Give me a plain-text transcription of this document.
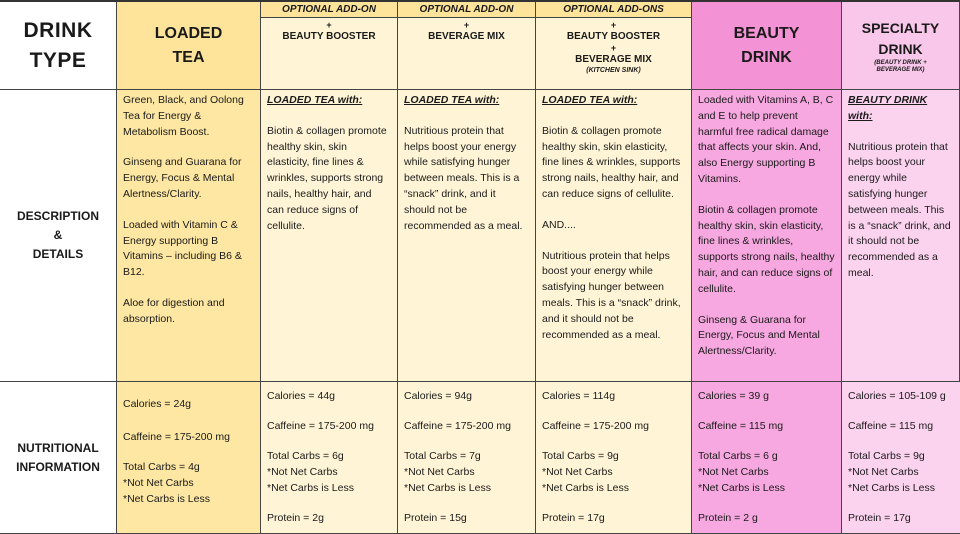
DRINK
TYPE
LOADED
TEA
OPTIONAL ADD-ON
+
BEAUTY BOOSTER
OPTIONAL ADD-ON
+
BEVERAGE MIX
OPTIONAL ADD-ONS
+
BEAUTY BOOSTER
+
BEVERAGE MIX
(KITCHEN SINK)
BEAUTY
DRINK
SPECIALTY
DRINK
(BEAUTY DRINK +
BEVERAGE MIX)
DESCRIPTION
&
DETAILS

Green, Black, and Oolong Tea for Energy & Metabolism Boost.

Ginseng and Guarana for Energy, Focus & Mental Alertness/Clarity.

Loaded with Vitamin C & Energy supporting B Vitamins – including B6 & B12.

Aloe for digestion and absorption.

LOADED TEA with:

Biotin & collagen promote healthy skin, skin elasticity, fine lines & wrinkles, supports strong nails, healthy hair, and can reduce signs of cellulite.

LOADED TEA with:

Nutritious protein that helps boost your energy while satisfying hunger between meals. This is a “snack” drink, and it should not be recommended as a meal.

LOADED TEA with:

Biotin & collagen promote healthy skin, skin elasticity, fine lines & wrinkles, supports strong nails, healthy hair, and can reduce signs of cellulite.

AND....

Nutritious protein that helps boost your energy while satisfying hunger between meals. This is a “snack” drink, and it should not be recommended as a meal.

Loaded with Vitamins A, B, C and E to help prevent harmful free radical damage that affects your skin. And, also Energy supporting B Vitamins.

Biotin & collagen promote healthy skin, skin elasticity, fine lines & wrinkles, supports strong nails, healthy hair, and can reduce signs of cellulite.

Ginseng & Guarana for Energy, Focus and Mental Alertness/Clarity.

BEAUTY DRINK with:

Nutritious protein that helps boost your energy while satisfying hunger between meals. This is a “snack” drink, and it should not be recommended as a meal.

NUTRITIONAL
INFORMATION

Calories = 24g

Caffeine = 175-200 mg

Total Carbs = 4g

*Not Net Carbs

*Net Carbs is Less

Calories = 44g

Caffeine = 175-200 mg

Total Carbs = 6g

*Not Net Carbs

*Net Carbs is Less

Protein = 2g

Calories = 94g

Caffeine = 175-200 mg

Total Carbs = 7g

*Not Net Carbs

*Net Carbs is Less

Protein = 15g

Calories = 114g

Caffeine = 175-200 mg

Total Carbs = 9g

*Not Net Carbs

*Net Carbs is Less

Protein = 17g

Calories = 39 g

Caffeine = 115 mg

Total Carbs = 6 g

*Not Net Carbs

*Net Carbs is Less

Protein = 2 g

Calories = 105-109 g

Caffeine = 115 mg

Total Carbs = 9g

*Not Net Carbs

*Net Carbs is Less

Protein = 17g
